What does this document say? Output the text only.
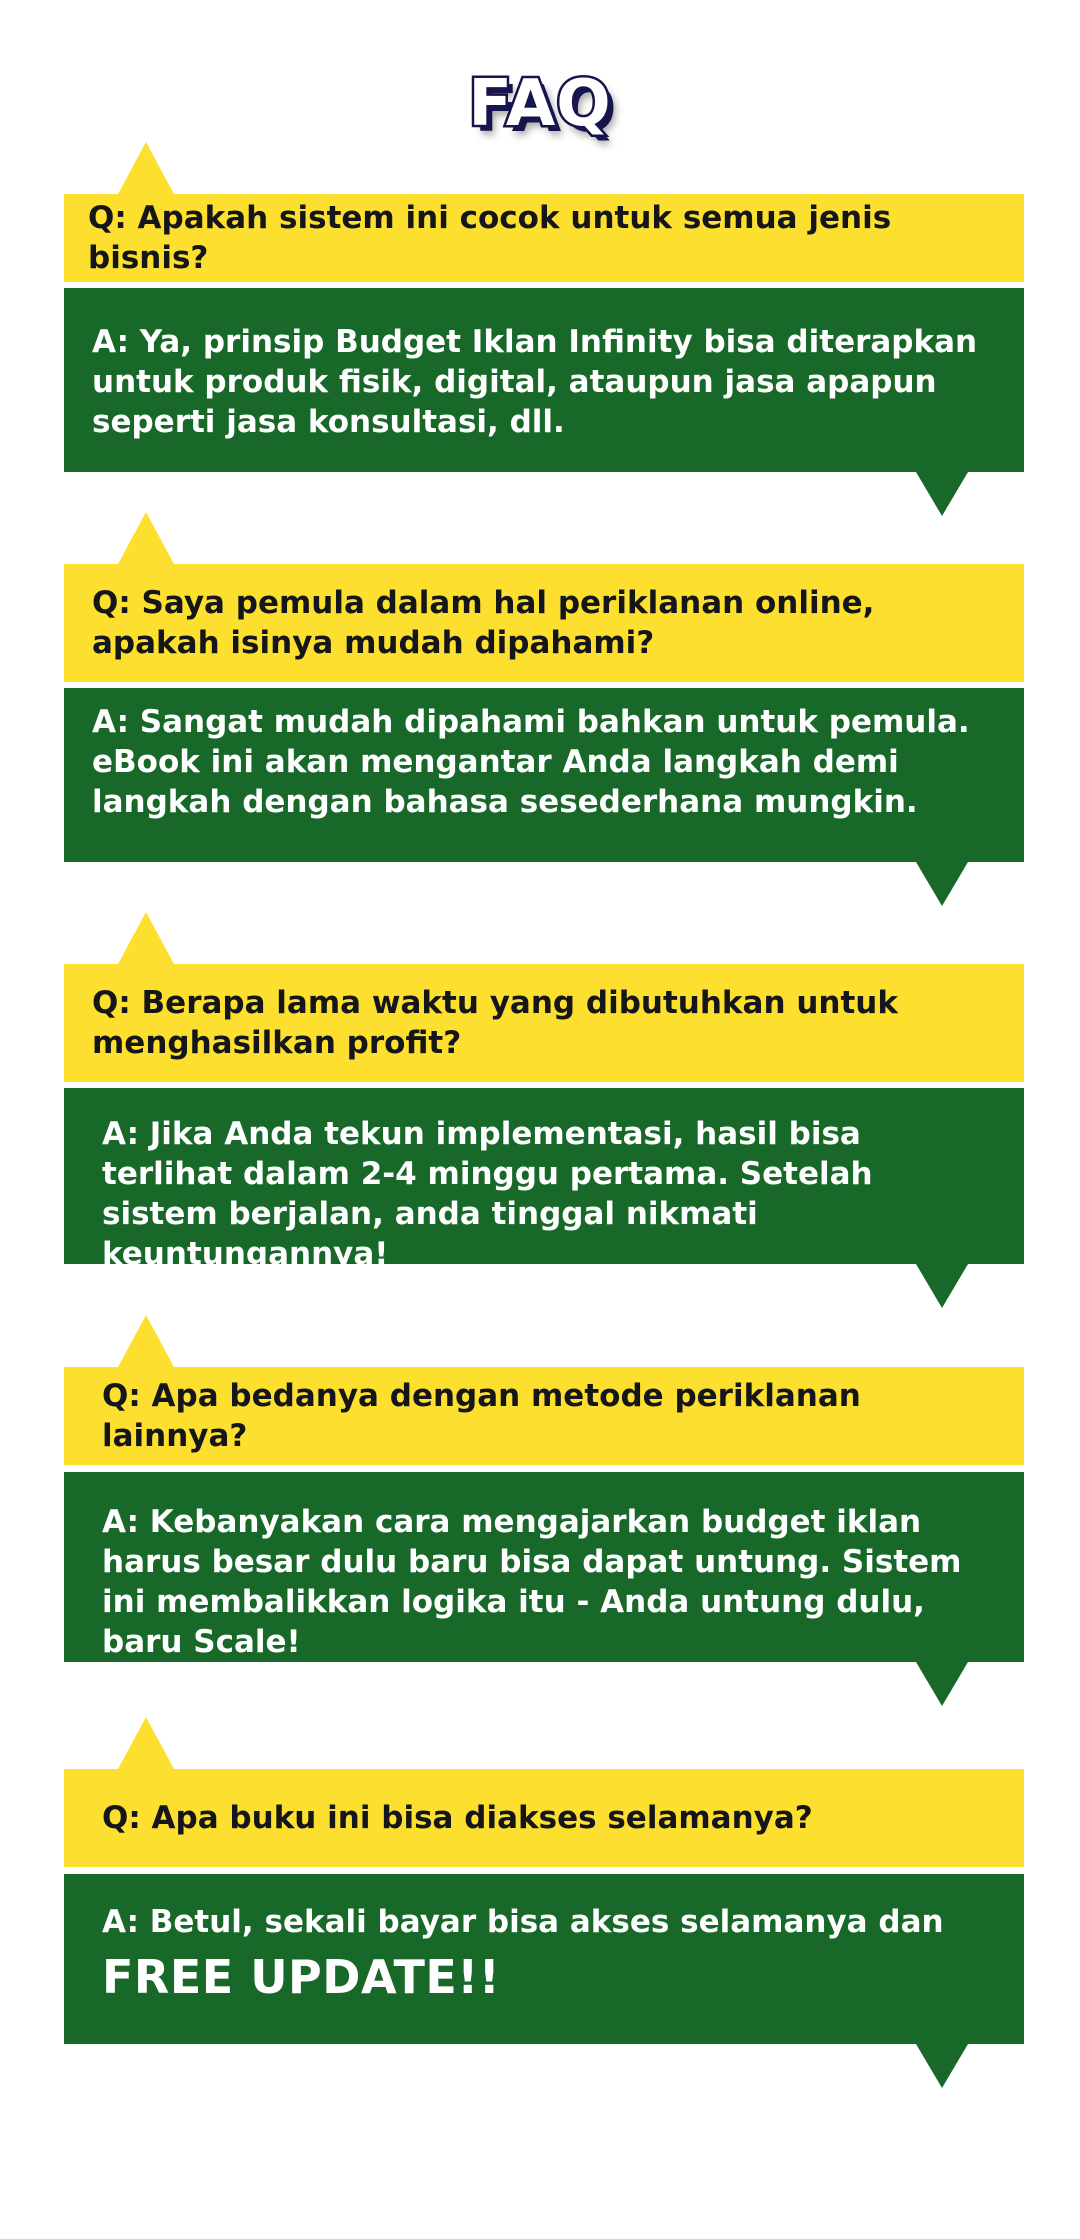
FAQ
Q: Apakah sistem ini cocok untuk semua jenis bisnis?
A: Ya, prinsip Budget Iklan Infinity bisa diterapkan untuk produk fisik, digital, ataupun jasa apapun seperti jasa konsultasi, dll.
Q: Saya pemula dalam hal periklanan online, apakah isinya mudah dipahami?
A: Sangat mudah dipahami bahkan untuk pemula. eBook ini akan mengantar Anda langkah demi langkah dengan bahasa sesederhana mungkin.
Q: Berapa lama waktu yang dibutuhkan untuk menghasilkan profit?
A: Jika Anda tekun implementasi, hasil bisa terlihat dalam 2-4 minggu pertama. Setelah sistem berjalan, anda tinggal nikmati keuntungannya!
Q: Apa bedanya dengan metode periklanan lainnya?
A: Kebanyakan cara mengajarkan budget iklan harus besar dulu baru bisa dapat untung. Sistem ini membalikkan logika itu - Anda untung dulu, baru Scale!
Q: Apa buku ini bisa diakses selamanya?
A: Betul, sekali bayar bisa akses selamanya dan
FREE UPDATE!!
